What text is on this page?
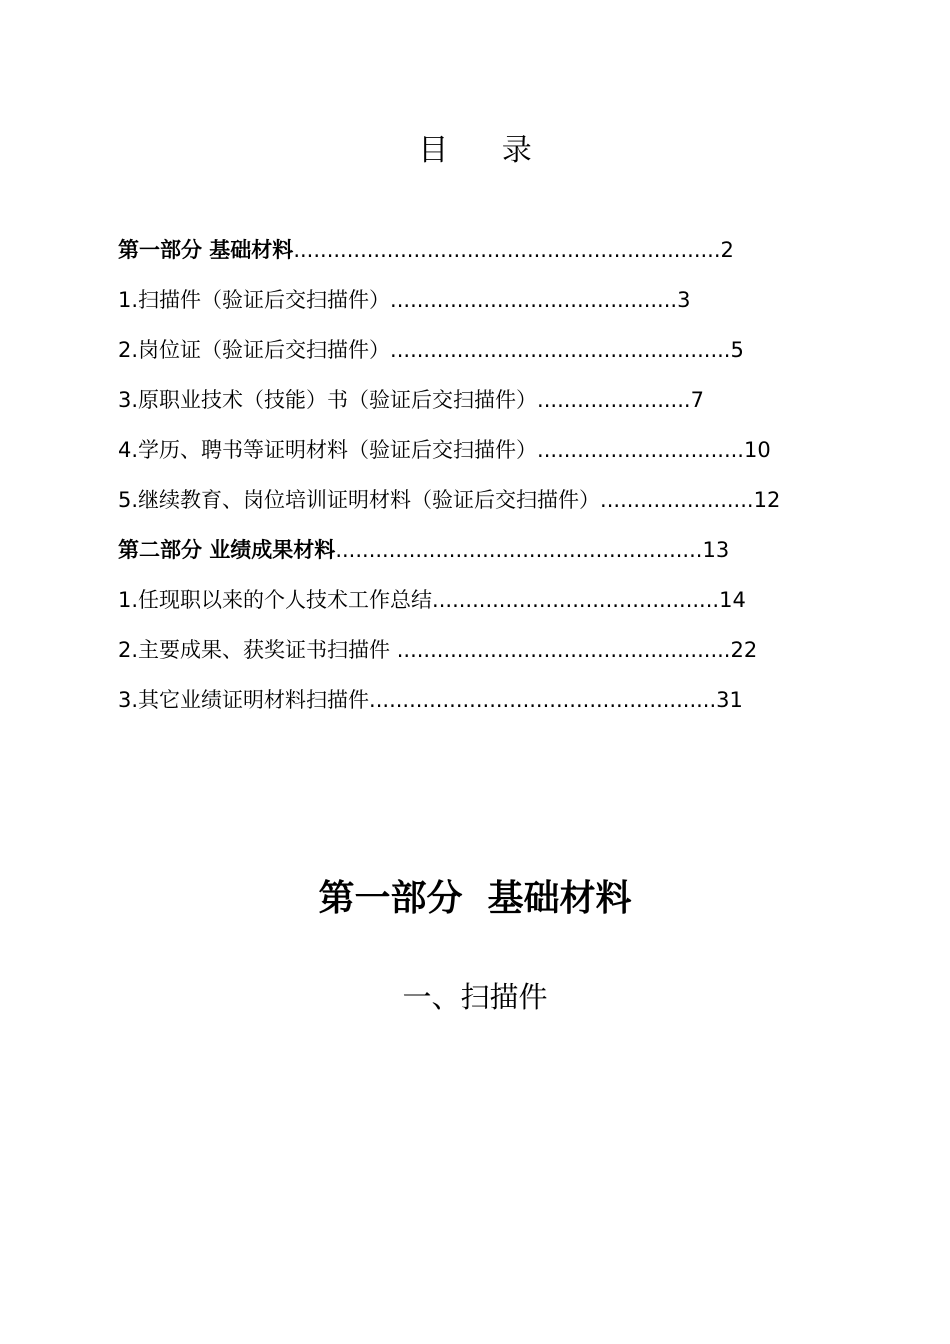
目 录
第一部分 基础材料................................................................2
1.扫描件（验证后交扫描件）...........................................3
2.岗位证（验证后交扫描件）...................................................5
3.原职业技术（技能）书（验证后交扫描件）.......................7
4.学历、聘书等证明材料（验证后交扫描件）...............................10
5.继续教育、岗位培训证明材料（验证后交扫描件）.......................12
第二部分 业绩成果材料.......................................................13
1.任现职以来的个人技术工作总结...........................................14
2.主要成果、获奖证书扫描件 ..................................................22
3.其它业绩证明材料扫描件....................................................31
第一部分  基础材料
一、扫描件
